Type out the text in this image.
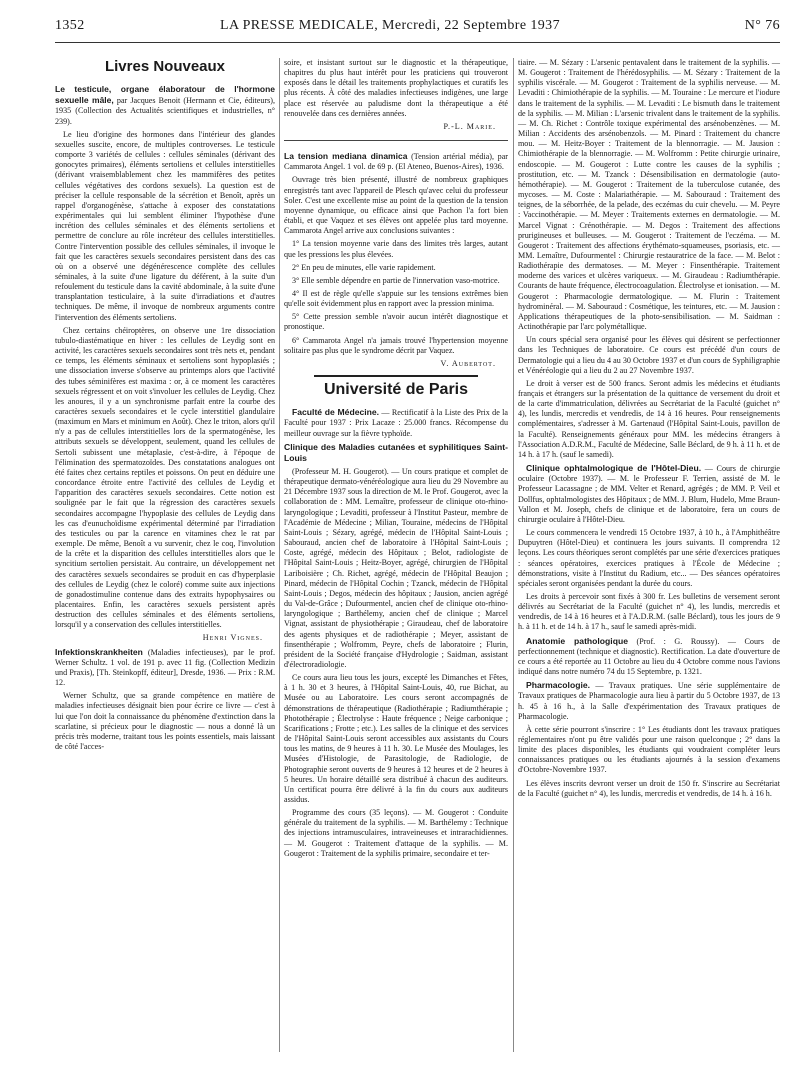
1352	LA PRESSE MEDICALE, Mercredi, 22 Septembre 1937	N° 76
Livres Nouveaux

Le testicule, organe élaboratour de l'hormone sexuelle mâle, par Jacques Benoit (Hermann et Cie, éditeurs), 1935 (Collection des Actualités scientifiques et industrielles, n° 239).

Le lieu d'origine des hormones dans l'intérieur des glandes sexuelles suscite, encore, de multiples controverses. Le testicule comporte 3 variétés de cellules : cellules séminales (dérivant des gonocytes primaires), éléments sertoliens et cellules interstitielles (dérivant vraisemblablement chez les mammifères des petites cellules végétatives des cordons sexuels). La question est de préciser la cellule responsable de la sécrétion et Benoît, après un rappel d'organogénèse, s'attache à exposer des constatations expérimentales qui lui semblent éliminer l'hypothèse d'une incrétion des cellules séminales et des éléments sertoliens et permettre de conclure au rôle incréteur des cellules interstitielles. Contre l'intervention possible des cellules séminales, il invoque le fait que les caractères sexuels secondaires persistent dans des cas où on a observé une dégénérescence complète des cellules séminales, à la suite d'une ligature du déférent, à la suite d'un refoulement du testicule dans la cavité abdominale, à la suite d'une transplantation testiculaire, à la suite d'irradiations et d'autres techniques. De même, il invoque de nombreux arguments contre l'intervention des éléments sertoliens.

Chez certains chéiroptères, on observe une 1re dissociation tubulo-diastématique en hiver : les cellules de Leydig sont en activité, les caractères sexuels secondaires sont très nets et, pendant ce temps, les éléments séminaux et sertoliens sont hypoplasiés ; une dissociation inverse s'observe au printemps alors que l'activité des tubes séminifères est maxima : or, à ce moment les caractères sexuels régressent et on voit s'involuer les cellules de Leydig. Chez les anoures, il y a un synchronisme parfait entre la courbe des caractères sexuels secondaires et le cycle interstitiel glandulaire (maximum en Mars et minimum en Août). Chez le triton, alors qu'il n'y a pas de cellules interstitielles lors de la spermatogénèse, les attributs sexuels se développent, seulement, quand les cellules de Sertoli subissent une métaplasie, c'est-à-dire, à l'époque de l'élimination des spermatozoïdes. Des constatations analogues ont été faites chez certains reptiles et poissons. On peut en déduire une concordance étroite entre l'activité des cellules de Leydig et l'apparition des caractères sexuels secondaires. Cette notion est soulignée par le fait que la régression des caractères sexuels secondaires accompagne l'hypoplasie des cellules de Leydig dans les cas d'eunuchoïdisme expérimental déterminé par l'irradiation des testicules ou par la carence en vitamines chez le rat par exemple. De même, Benoît a vu survenir, chez le coq, l'involution de la crête et la disparition des cellules interstitielles alors que le syncitium sertolien persistait. Au contraire, un développement net des caractères sexuels secondaires se produit en cas d'hyperplasie des cellules de Leydig (chez le coloré) comme suite aux injections de gonadostimuline contenue dans des extraits hypophysaires ou placentaires. Enfin, les caractères sexuels persistent après destruction des cellules séminales et des éléments sertoliens, lorsqu'il y a conservation des cellules interstitielles.

Henri Vignes.

Infektionskrankheiten (Maladies infectieuses), par le prof. Werner Schultz. 1 vol. de 191 p. avec 11 fig. (Collection Medizin und Praxis), [Th. Steinkopff, éditeur], Dresde, 1936. — Prix : R.M. 12.

Werner Schultz, que sa grande compétence en matière de maladies infectieuses désignait bien pour écrire ce livre — c'est à lui que l'on doit la connaissance du phénomène d'extinction dans la scarlatine, si précieux pour le diagnostic — nous a donné là un précis très moderne, traitant tous les points essentiels, mais laissant de côté l'acces-

soire, et insistant surtout sur le diagnostic et la thérapeutique, chapitres du plus haut intérêt pour les praticiens qui trouveront exposés dans le détail les traitements prophylactiques et curatifs les plus récents. À côté des maladies infectieuses indigènes, une large place est réservée au paludisme dont la thérapeutique a été renouvelée dans ces dernières années.

P.-L. Marie.

La tension mediana dinamica (Tension artérial média), par Cammarota Angel. 1 vol. de 69 p. (El Ateneo, Buenos-Aires), 1936.

Ouvrage très bien présenté, illustré de nombreux graphiques enregistrés tant avec l'appareil de Plesch qu'avec celui du professeur Soler. C'est une excellente mise au point de la question de la tension moyenne dynamique, ou efficace ainsi que Pachon l'a fort bien établi, et que Vaquez et ses élèves ont appelée plus tard moyenne. Cammarota Angel arrive aux conclusions suivantes :

1° La tension moyenne varie dans des limites très larges, autant que les pressions les plus élevées.

2° En peu de minutes, elle varie rapidement.

3° Elle semble dépendre en partie de l'innervation vaso-motrice.

4° Il est de règle qu'elle s'appuie sur les tensions extrêmes bien qu'elle soit évidemment plus en rapport avec la pression minima.

5° Cette pression semble n'avoir aucun intérêt diagnostique et pronostique.

6° Cammarota Angel n'a jamais trouvé l'hypertension moyenne solitaire pas plus que le syndrome décrit par Vaquez.

V. Aubertot.

Université de Paris

Faculté de Médecine. — Rectificatif à la Liste des Prix de la Faculté pour 1937 : Prix Lacaze : 25.000 francs. Récompense du meilleur ouvrage sur la fièvre typhoïde.

Clinique des Maladies cutanées et syphilitiques Saint-Louis

(Professeur M. H. Gougerot). — Un cours pratique et complet de thérapeutique dermato-vénéréologique aura lieu du 29 Novembre au 21 Décembre 1937 sous la direction de M. le Prof. Gougerot, avec la collaboration de : MM. Lemaître, professeur de clinique oto-rhino-laryngologique ; Levaditi, professeur à l'Institut Pasteur, membre de l'Académie de Médecine ; Milian, Touraine, médecins de l'Hôpital Saint-Louis ; Sézary, agrégé, médecin de l'Hôpital Saint-Louis ; Sabouraud, ancien chef de laboratoire à l'Hôpital Saint-Louis ; Coste, agrégé, médecin des Hôpitaux ; Belot, radiologiste de l'Hôpital Saint-Louis ; Heitz-Boyer, agrégé, chirurgien de l'Hôpital Lariboisière ; Ch. Richet, agrégé, médecin de l'Hôpital Beaujon ; Pinard, médecin de l'Hôpital Cochin ; Tzanck, médecin de l'Hôpital Saint-Louis ; Degos, médecin des hôpitaux ; Jausion, ancien agrégé du Val-de-Grâce ; Dufourmentel, ancien chef de clinique oto-rhino-laryngologique ; Barthélemy, ancien chef de clinique ; Marcel Vignat, assistant de physiothérapie ; Giraudeau, chef de laboratoire des agents physiques et de radiothérapie ; Meyer, assistant de finsenthérapie ; Wolfromm, Peyre, chefs de laboratoire ; Flurin, président de la Société française d'Hydrologie ; Saidman, assistant d'électroradiologie.

Ce cours aura lieu tous les jours, excepté les Dimanches et Fêtes, à 1 h. 30 et 3 heures, à l'Hôpital Saint-Louis, 40, rue Bichat, au Musée ou au Laboratoire. Les cours seront accompagnés de démonstrations de thérapeutique (Radiothérapie ; Radiumthérapie ; Photothérapie ; Électrolyse : Haute fréquence ; Neige carbonique ; Scarifications ; Frotte ; etc.). Les salles de la clinique et des services de l'Hôpital Saint-Louis seront accessibles aux assistants du Cours tous les matins, de 9 heures à 11 h. 30. Le Musée des Moulages, les Musées d'Histologie, de Parasitologie, de Radiologie, de Photographie seront ouverts de 9 heures à 12 heures et de 2 heures à 5 heures. Un horaire détaillé sera distribué à chacun des auditeurs. Un certificat pourra être délivré à la fin du cours aux auditeurs assidus.

Programme des cours (35 leçons). — M. Gougerot : Conduite générale du traitement de la syphilis. — M. Barthélemy : Technique des injections intramusculaires, intraveineuses et intrarachidiennes. — M. Gougerot : Traitement d'attaque de la syphilis. — M. Gougerot : Traitement de la syphilis primaire, secondaire et ter-

tiaire. — M. Sézary : L'arsenic pentavalent dans le traitement de la syphilis. — M. Gougerot : Traitement de l'hérédosyphilis. — M. Sézary : Traitement de la syphilis viscérale. — M. Gougerot : Traitement de la syphilis nerveuse. — M. Levaditi : Chimiothérapie de la syphilis. — M. Touraine : Le mercure et l'iodure dans le traitement de la syphilis. — M. Levaditi : Le bismuth dans le traitement de la syphilis. — M. Milian : L'arsenic trivalent dans le traitement de la syphilis. — M. Ch. Richet : Contrôle toxique expérimental des arsénobenzènes. — M. Milian : Accidents des arsénobenzols. — M. Pinard : Traitement du chancre mou. — M. Heitz-Boyer : Traitement de la blennorragie. — M. Jausion : Chimiothérapie de la blennorragie. — M. Wolfromm : Petite chirurgie urinaire, endoscopie. — M. Gougerot : Lutte contre les causes de la syphilis ; prostitution, etc. — M. Tzanck : Désensibilisation en dermatologie (auto-hémothérapie). — M. Gougerot : Traitement de la tuberculose cutanée, des mycoses. — M. Coste : Malariathérapie. — M. Sabouraud : Traitement des teignes, de la séborrhée, de la pelade, des eczémas du cuir chevelu. — M. Peyre : Vaccinothérapie. — M. Meyer : Traitements externes en dermatologie. — M. Marcel Vignat : Crénothérapie. — M. Degos : Traitement des affections prurigineuses et bulleuses. — M. Gougerot : Traitement de l'eczéma. — M. Gougerot : Traitement des affections érythémato-squameuses, psoriasis, etc. — MM. Lemaître, Dufourmentel : Chirurgie restauratrice de la face. — M. Belot : Radiothérapie des dermatoses. — M. Meyer : Finsenthérapie. Traitement moderne des varices et ulcères variqueux. — M. Giraudeau : Radiumthérapie. Courants de haute fréquence, électrocoagulation. Électrolyse et ionisation. — M. Gougerot : Pharmacologie dermatologique. — M. Flurin : Traitement hydrominéral. — M. Sabouraud : Cosmétique, les teintures, etc. — M. Jausion : Applications thérapeutiques de la photo-sensibilisation. — M. Saidman : Actinothérapie par l'arc polymétallique.

Un cours spécial sera organisé pour les élèves qui désirent se perfectionner dans les Techniques de laboratoire. Ce cours est précédé d'un cours de Dermatologie qui a lieu du 4 au 30 Octobre 1937 et d'un cours de Syphiligraphie et Vénéréologie qui a lieu du 2 au 27 Novembre 1937.

Le droit à verser est de 500 francs. Seront admis les médecins et étudiants français et étrangers sur la présentation de la quittance de versement du droit et de la carte d'immatriculation, délivrées au Secrétariat de la Faculté (guichet n° 4), les lundis, mercredis et vendredis, de 14 à 16 heures. Pour renseignements complémentaires, s'adresser à M. Gartenaud (l'Hôpital Saint-Louis, pavillon de la Faculté). Renseignements généraux pour MM. les médecins étrangers à l'Association A.D.R.M., Faculté de Médecine, Salle Béclard, de 9 h. à 11 h. et de 14 h. à 17 h. (sauf le samedi).

Clinique ophtalmologique de l'Hôtel-Dieu. — Cours de chirurgie oculaire (Octobre 1937). — M. le Professeur F. Terrien, assisté de M. le Professeur Lacassagne ; de MM. Velter et Renard, agrégés ; de MM. P. Veil et Dollfus, ophtalmologistes des Hôpitaux ; de MM. J. Blum, Hudelo, Mme Braun-Vallon et M. Joseph, chefs de clinique et de laboratoire, fera un cours de chirurgie oculaire à l'Hôtel-Dieu.

Le cours commencera le vendredi 15 Octobre 1937, à 10 h., à l'Amphithéâtre Dupuytren (Hôtel-Dieu) et continuera les jours suivants. Il comprendra 12 leçons. Les cours théoriques seront complétés par une série d'exercices pratiques : séances opératoires, exercices pratiques à l'École de Médecine ; démonstrations, visite à l'Institut du Radium, etc... — Des séances opératoires spéciales seront organisées pendant la durée du cours.

Les droits à percevoir sont fixés à 300 fr. Les bulletins de versement seront délivrés au Secrétariat de la Faculté (guichet n° 4), les lundis, mercredis et vendredis, de 14 à 16 heures et à l'A.D.R.M. (salle Béclard), tous les jours de 9 h. à 11 h. et de 14 h. à 17 h., sauf le samedi après-midi.

Anatomie pathologique (Prof. : G. Roussy). — Cours de perfectionnement (technique et diagnostic). Rectification. La date d'ouverture de ce cours a été reportée au 11 Octobre au lieu du 4 Octobre comme nous l'avions indiqué dans notre numéro 74 du 15 Septembre, p. 1321.

Pharmacologie. — Travaux pratiques. Une série supplémentaire de Travaux pratiques de Pharmacologie aura lieu à partir du 5 Octobre 1937, de 13 h. 45 à 16 h., à la Salle d'expérimentation des Travaux pratiques de Pharmacologie.

À cette série pourront s'inscrire : 1° Les étudiants dont les travaux pratiques réglementaires n'ont pu être validés pour une raison quelconque ; 2° dans la limite des places disponibles, les étudiants qui voudraient compléter leurs connaissances pratiques ou les étudiants ajournés à la session d'examens d'Octobre-Novembre 1937.

Les élèves inscrits devront verser un droit de 150 fr. S'inscrire au Secrétariat de la Faculté (guichet n° 4), les lundis, mercredis et vendredis, de 14 h. à 16 h.
